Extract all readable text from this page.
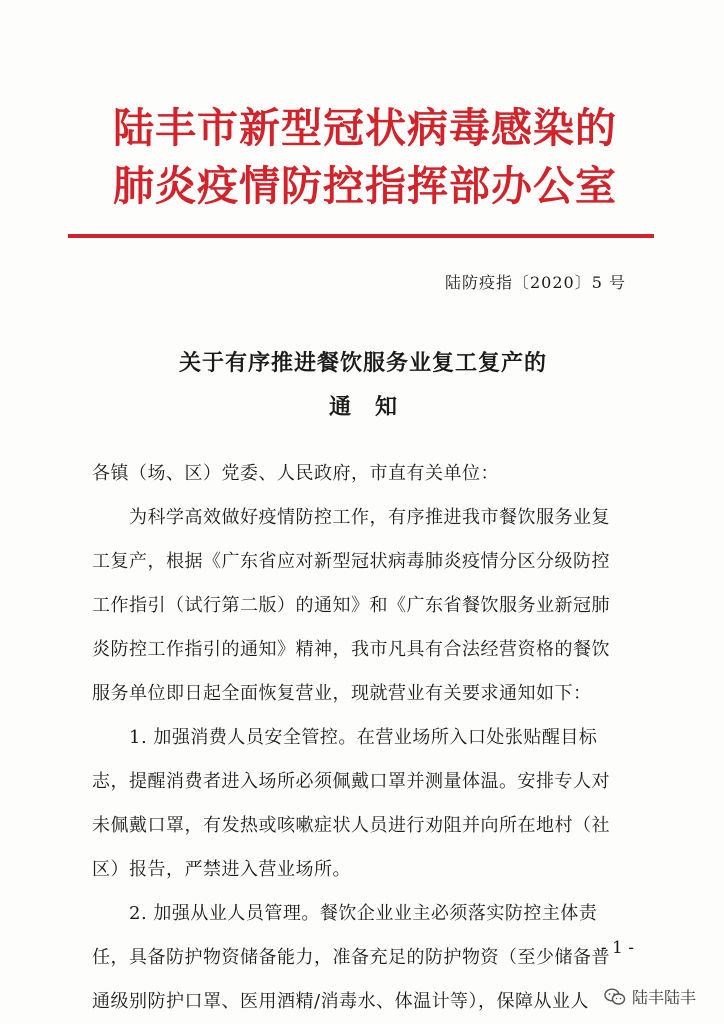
陆丰市新型冠状病毒感染的
肺炎疫情防控指挥部办公室
陆防疫指〔2020〕5 号
关于有序推进餐饮服务业复工复产的
通知
各镇（场、区）党委、人民政府，市直有关单位：
　　为科学高效做好疫情防控工作，有序推进我市餐饮服务业复
工复产，根据《广东省应对新型冠状病毒肺炎疫情分区分级防控
工作指引（试行第二版）的通知》和《广东省餐饮服务业新冠肺
炎防控工作指引的通知》精神，我市凡具有合法经营资格的餐饮
服务单位即日起全面恢复营业，现就营业有关要求通知如下：
　　1. 加强消费人员安全管控。在营业场所入口处张贴醒目标
志，提醒消费者进入场所必须佩戴口罩并测量体温。安排专人对
未佩戴口罩，有发热或咳嗽症状人员进行劝阻并向所在地村（社
区）报告，严禁进入营业场所。
　　2. 加强从业人员管理。餐饮企业业主必须落实防控主体责
任，具备防护物资储备能力，准备充足的防护物资（至少储备普
通级别防护口罩、医用酒精/消毒水、体温计等），保障从业人
- 1 -
陆丰陆丰
